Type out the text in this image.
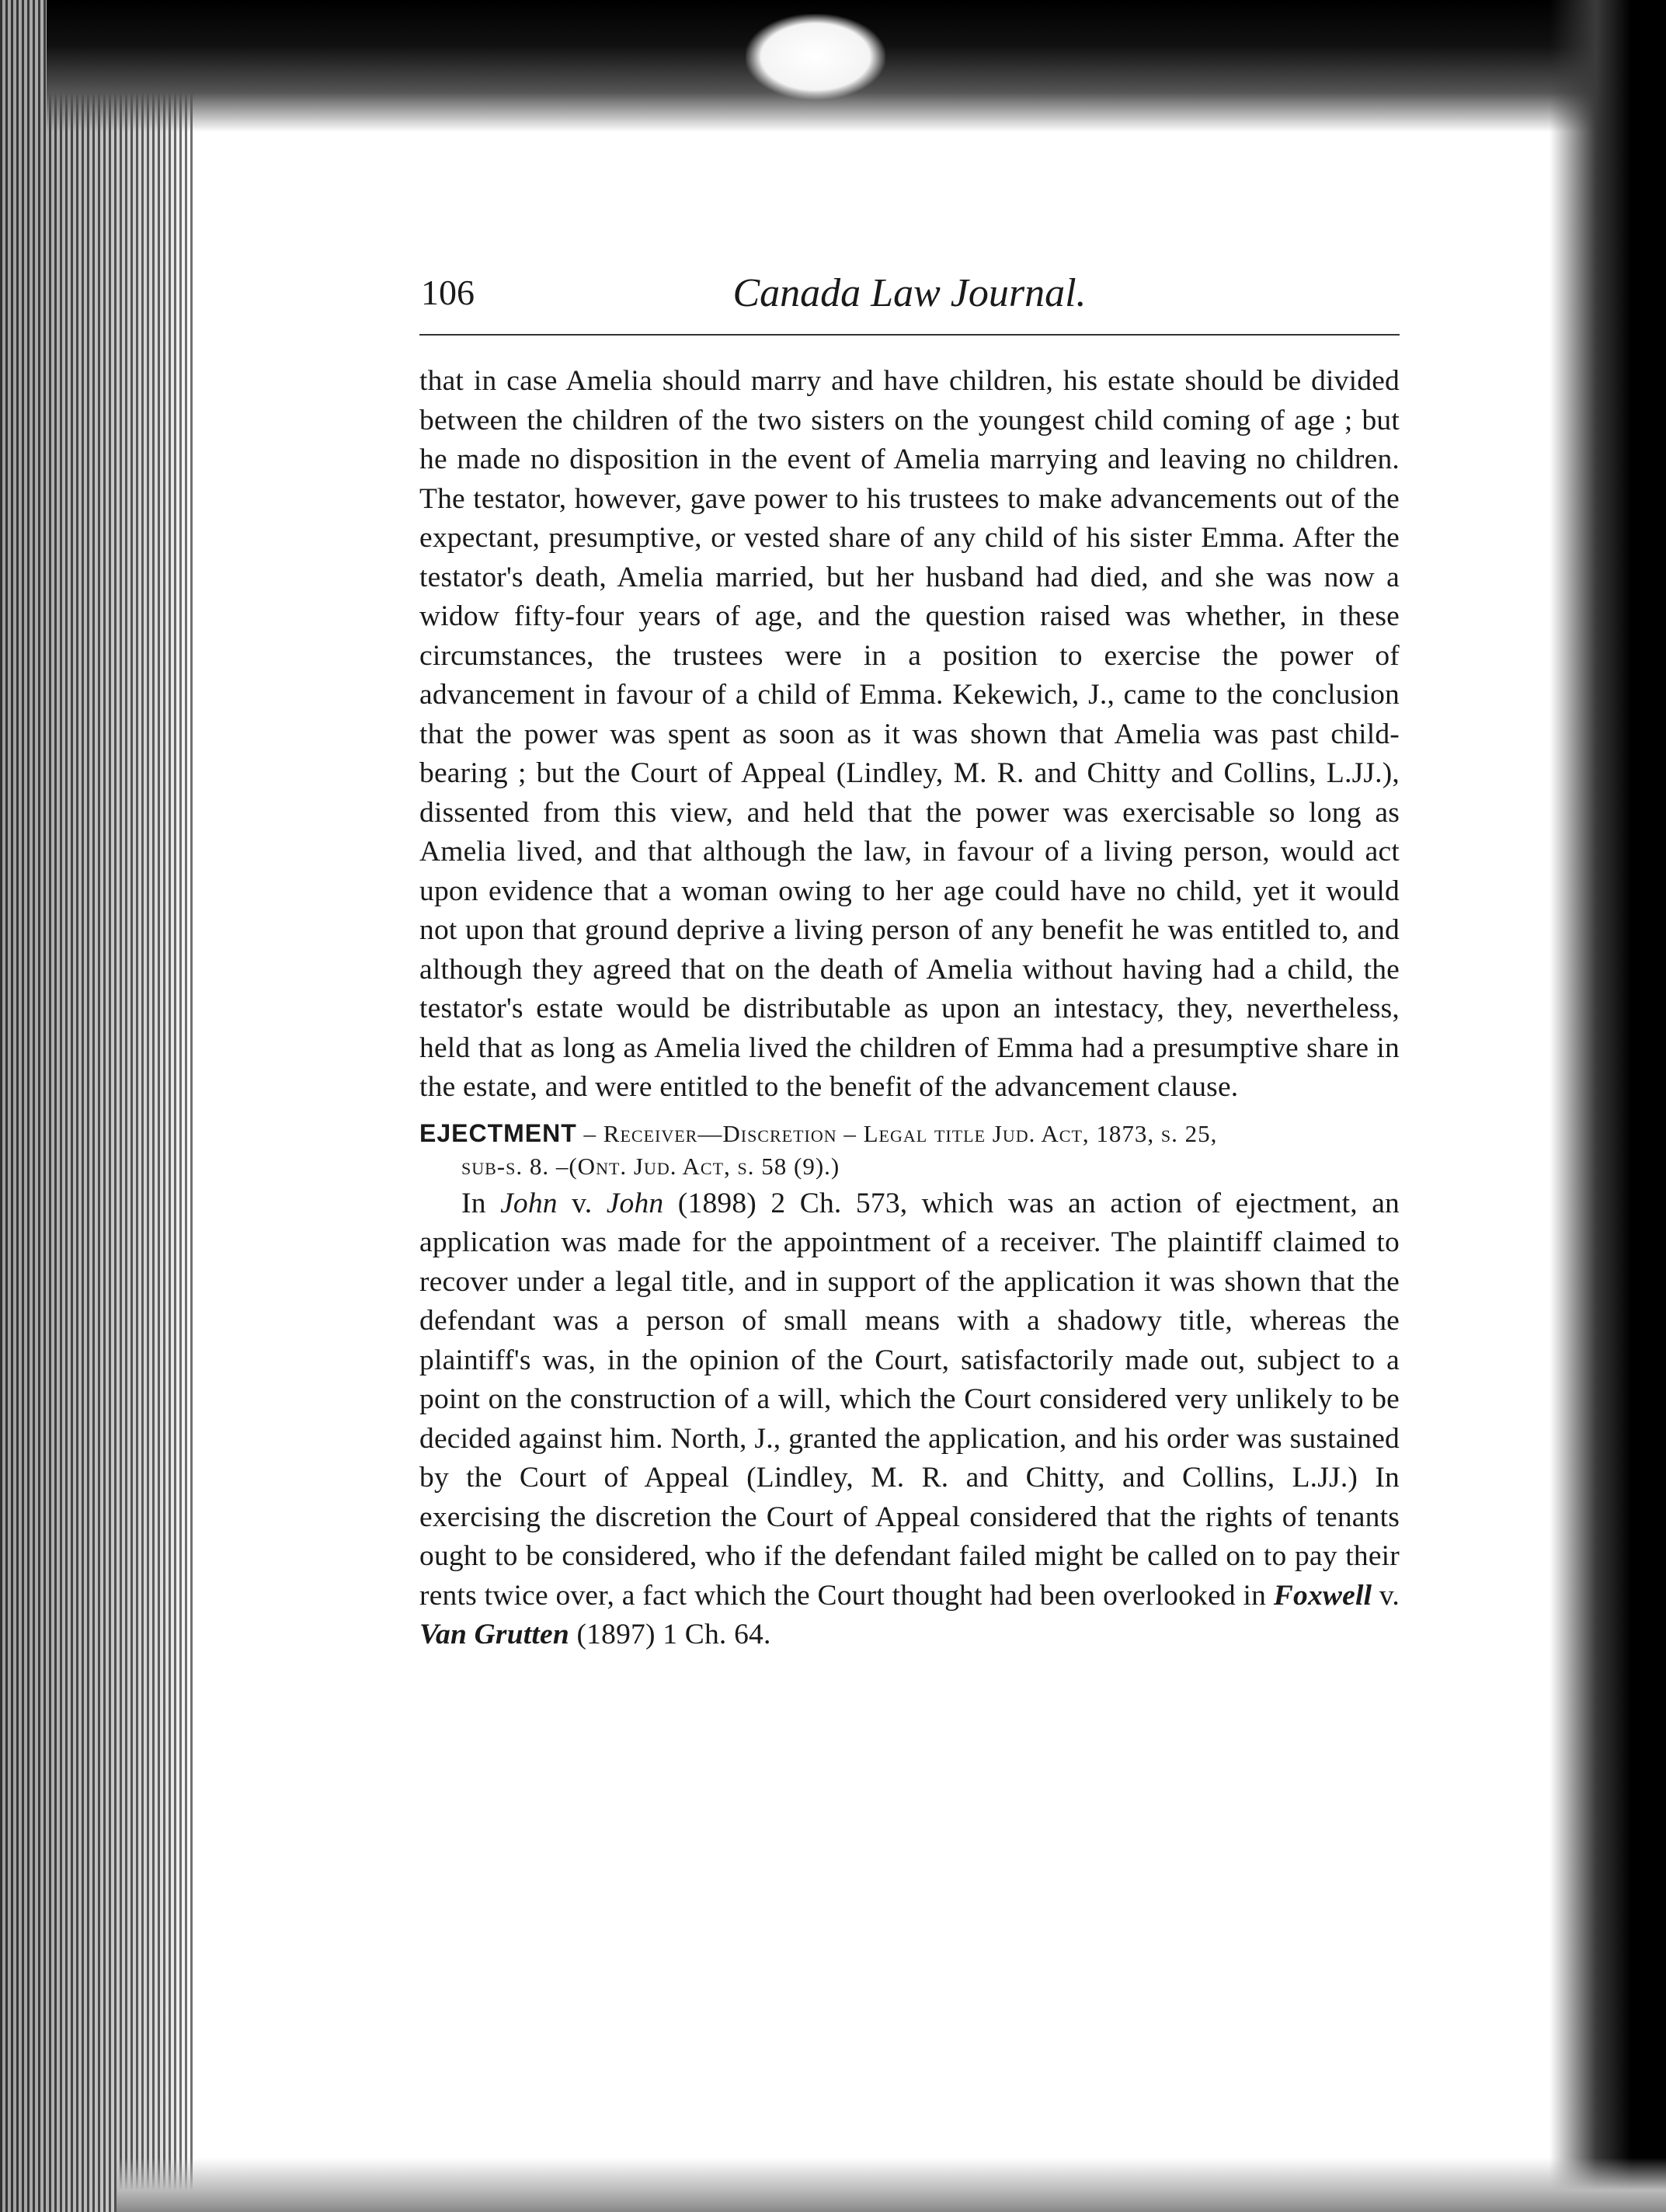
106	Canada Law Journal.

that in case Amelia should marry and have children, his estate should be divided between the children of the two sisters on the youngest child coming of age ; but he made no disposition in the event of Amelia marrying and leaving no children. The testator, however, gave power to his trustees to make advancements out of the expectant, presumptive, or vested share of any child of his sister Emma. After the testator's death, Amelia married, but her husband had died, and she was now a widow fifty-four years of age, and the question raised was whether, in these circumstances, the trustees were in a position to exercise the power of advancement in favour of a child of Emma. Kekewich, J., came to the conclusion that the power was spent as soon as it was shown that Amelia was past child-bearing ; but the Court of Appeal (Lindley, M. R. and Chitty and Collins, L.JJ.), dissented from this view, and held that the power was exercisable so long as Amelia lived, and that although the law, in favour of a living person, would act upon evidence that a woman owing to her age could have no child, yet it would not upon that ground deprive a living person of any benefit he was entitled to, and although they agreed that on the death of Amelia without having had a child, the testator's estate would be distributable as upon an intestacy, they, nevertheless, held that as long as Amelia lived the children of Emma had a presumptive share in the estate, and were entitled to the benefit of the advancement clause.

EJECTMENT – Receiver—Discretion – Legal title Jud. Act, 1873, s. 25,
sub-s. 8. –(Ont. Jud. Act, s. 58 (9).)

In John v. John (1898) 2 Ch. 573, which was an action of ejectment, an application was made for the appointment of a receiver. The plaintiff claimed to recover under a legal title, and in support of the application it was shown that the defendant was a person of small means with a shadowy title, whereas the plaintiff's was, in the opinion of the Court, satisfactorily made out, subject to a point on the construction of a will, which the Court considered very unlikely to be decided against him. North, J., granted the application, and his order was sustained by the Court of Appeal (Lindley, M. R. and Chitty, and Collins, L.JJ.) In exercising the discretion the Court of Appeal considered that the rights of tenants ought to be considered, who if the defendant failed might be called on to pay their rents twice over, a fact which the Court thought had been overlooked in Foxwell v. Van Grutten (1897) 1 Ch. 64.
